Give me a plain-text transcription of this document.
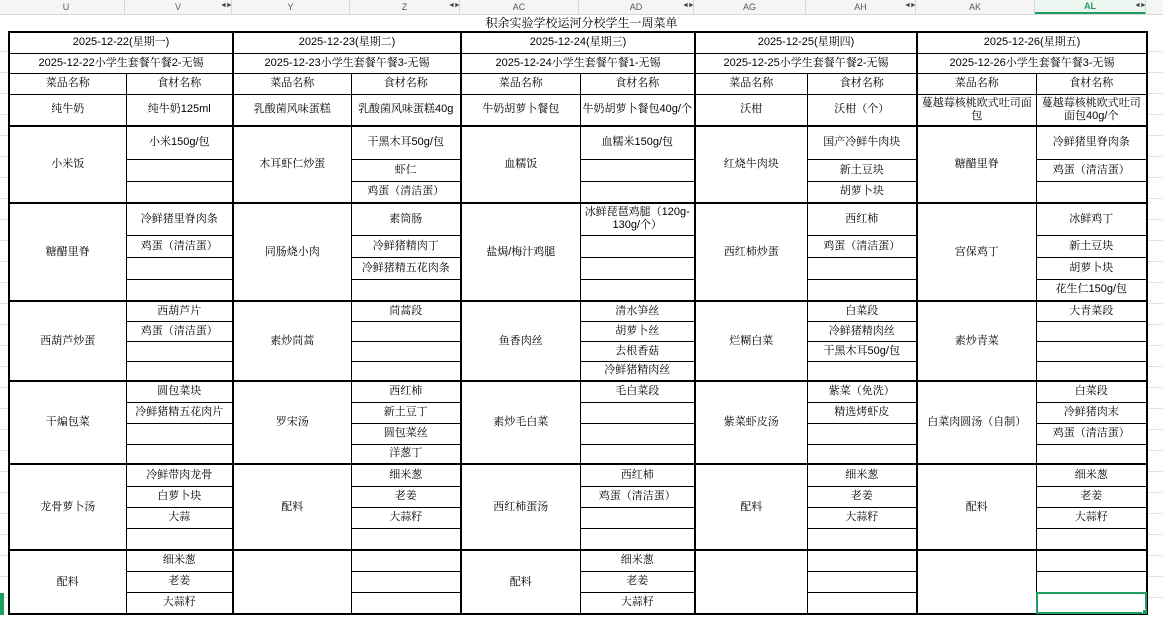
U	V	◄►	Y	Z	◄►	AC	AD	◄►	AG	AH	◄►	AK	AL	◄►
积余实验学校运河分校学生一周菜单
2025-12-22(星期一)		2025-12-23(星期二)		2025-12-24(星期三)		2025-12-25(星期四)		2025-12-26(星期五)	
2025-12-22小学生套餐午餐2-无锡		2025-12-23小学生套餐午餐3-无锡		2025-12-24小学生套餐午餐1-无锡		2025-12-25小学生套餐午餐2-无锡		2025-12-26小学生套餐午餐3-无锡	
菜品名称	食材名称	菜品名称	食材名称	菜品名称	食材名称	菜品名称	食材名称	菜品名称	食材名称
纯牛奶	纯牛奶125ml	乳酸菌风味蛋糕	乳酸菌风味蛋糕40g	牛奶胡萝卜餐包	牛奶胡萝卜餐包40g/个	沃柑	沃柑（个）	蔓越莓核桃欧式吐司面包	蔓越莓核桃欧式吐司面包40g/个
小米饭	小米150g/包	木耳虾仁炒蛋	干黑木耳50g/包	血糯饭	血糯米150g/包	红烧牛肉块	国产冷鲜牛肉块	糖醋里脊	冷鲜猪里脊肉条
			虾仁				新土豆块		鸡蛋（清洁蛋）
			鸡蛋（清洁蛋）				胡萝卜块		
糖醋里脊	冷鲜猪里脊肉条	同肠烧小肉	素筒肠	盐焗/梅汁鸡腿	冰鲜琵琶鸡腿（120g-130g/个）	西红柿炒蛋	西红柿	宫保鸡丁	冰鲜鸡丁
	鸡蛋（清洁蛋）		冷鲜猪精肉丁				鸡蛋（清洁蛋）		新土豆块
			冷鲜猪精五花肉条						胡萝卜块
									花生仁150g/包
西葫芦炒蛋	西葫芦片	素炒茼蒿	茼蒿段	鱼香肉丝	清水笋丝	烂糊白菜	白菜段	素炒青菜	大青菜段
	鸡蛋（清洁蛋）				胡萝卜丝		冷鲜猪精肉丝		
					去根香菇		干黑木耳50g/包		
					冷鲜猪精肉丝				
干煸包菜	圆包菜块	罗宋汤	西红柿	素炒毛白菜	毛白菜段	紫菜虾皮汤	紫菜（免洗）	白菜肉圆汤（自制）	白菜段
	冷鲜猪精五花肉片		新土豆丁				精选烤虾皮		冷鲜猪肉末
			圆包菜丝						鸡蛋（清洁蛋）
			洋葱丁						
龙骨萝卜汤	冷鲜带肉龙骨	配料	细米葱	西红柿蛋汤	西红柿	配料	细米葱	配料	细米葱
	白萝卜块		老姜		鸡蛋（清洁蛋）		老姜		老姜
	大蒜		大蒜籽				大蒜籽		大蒜籽

配料	细米葱			配料	细米葱				
	老姜				老姜				
	大蒜籽				大蒜籽				
